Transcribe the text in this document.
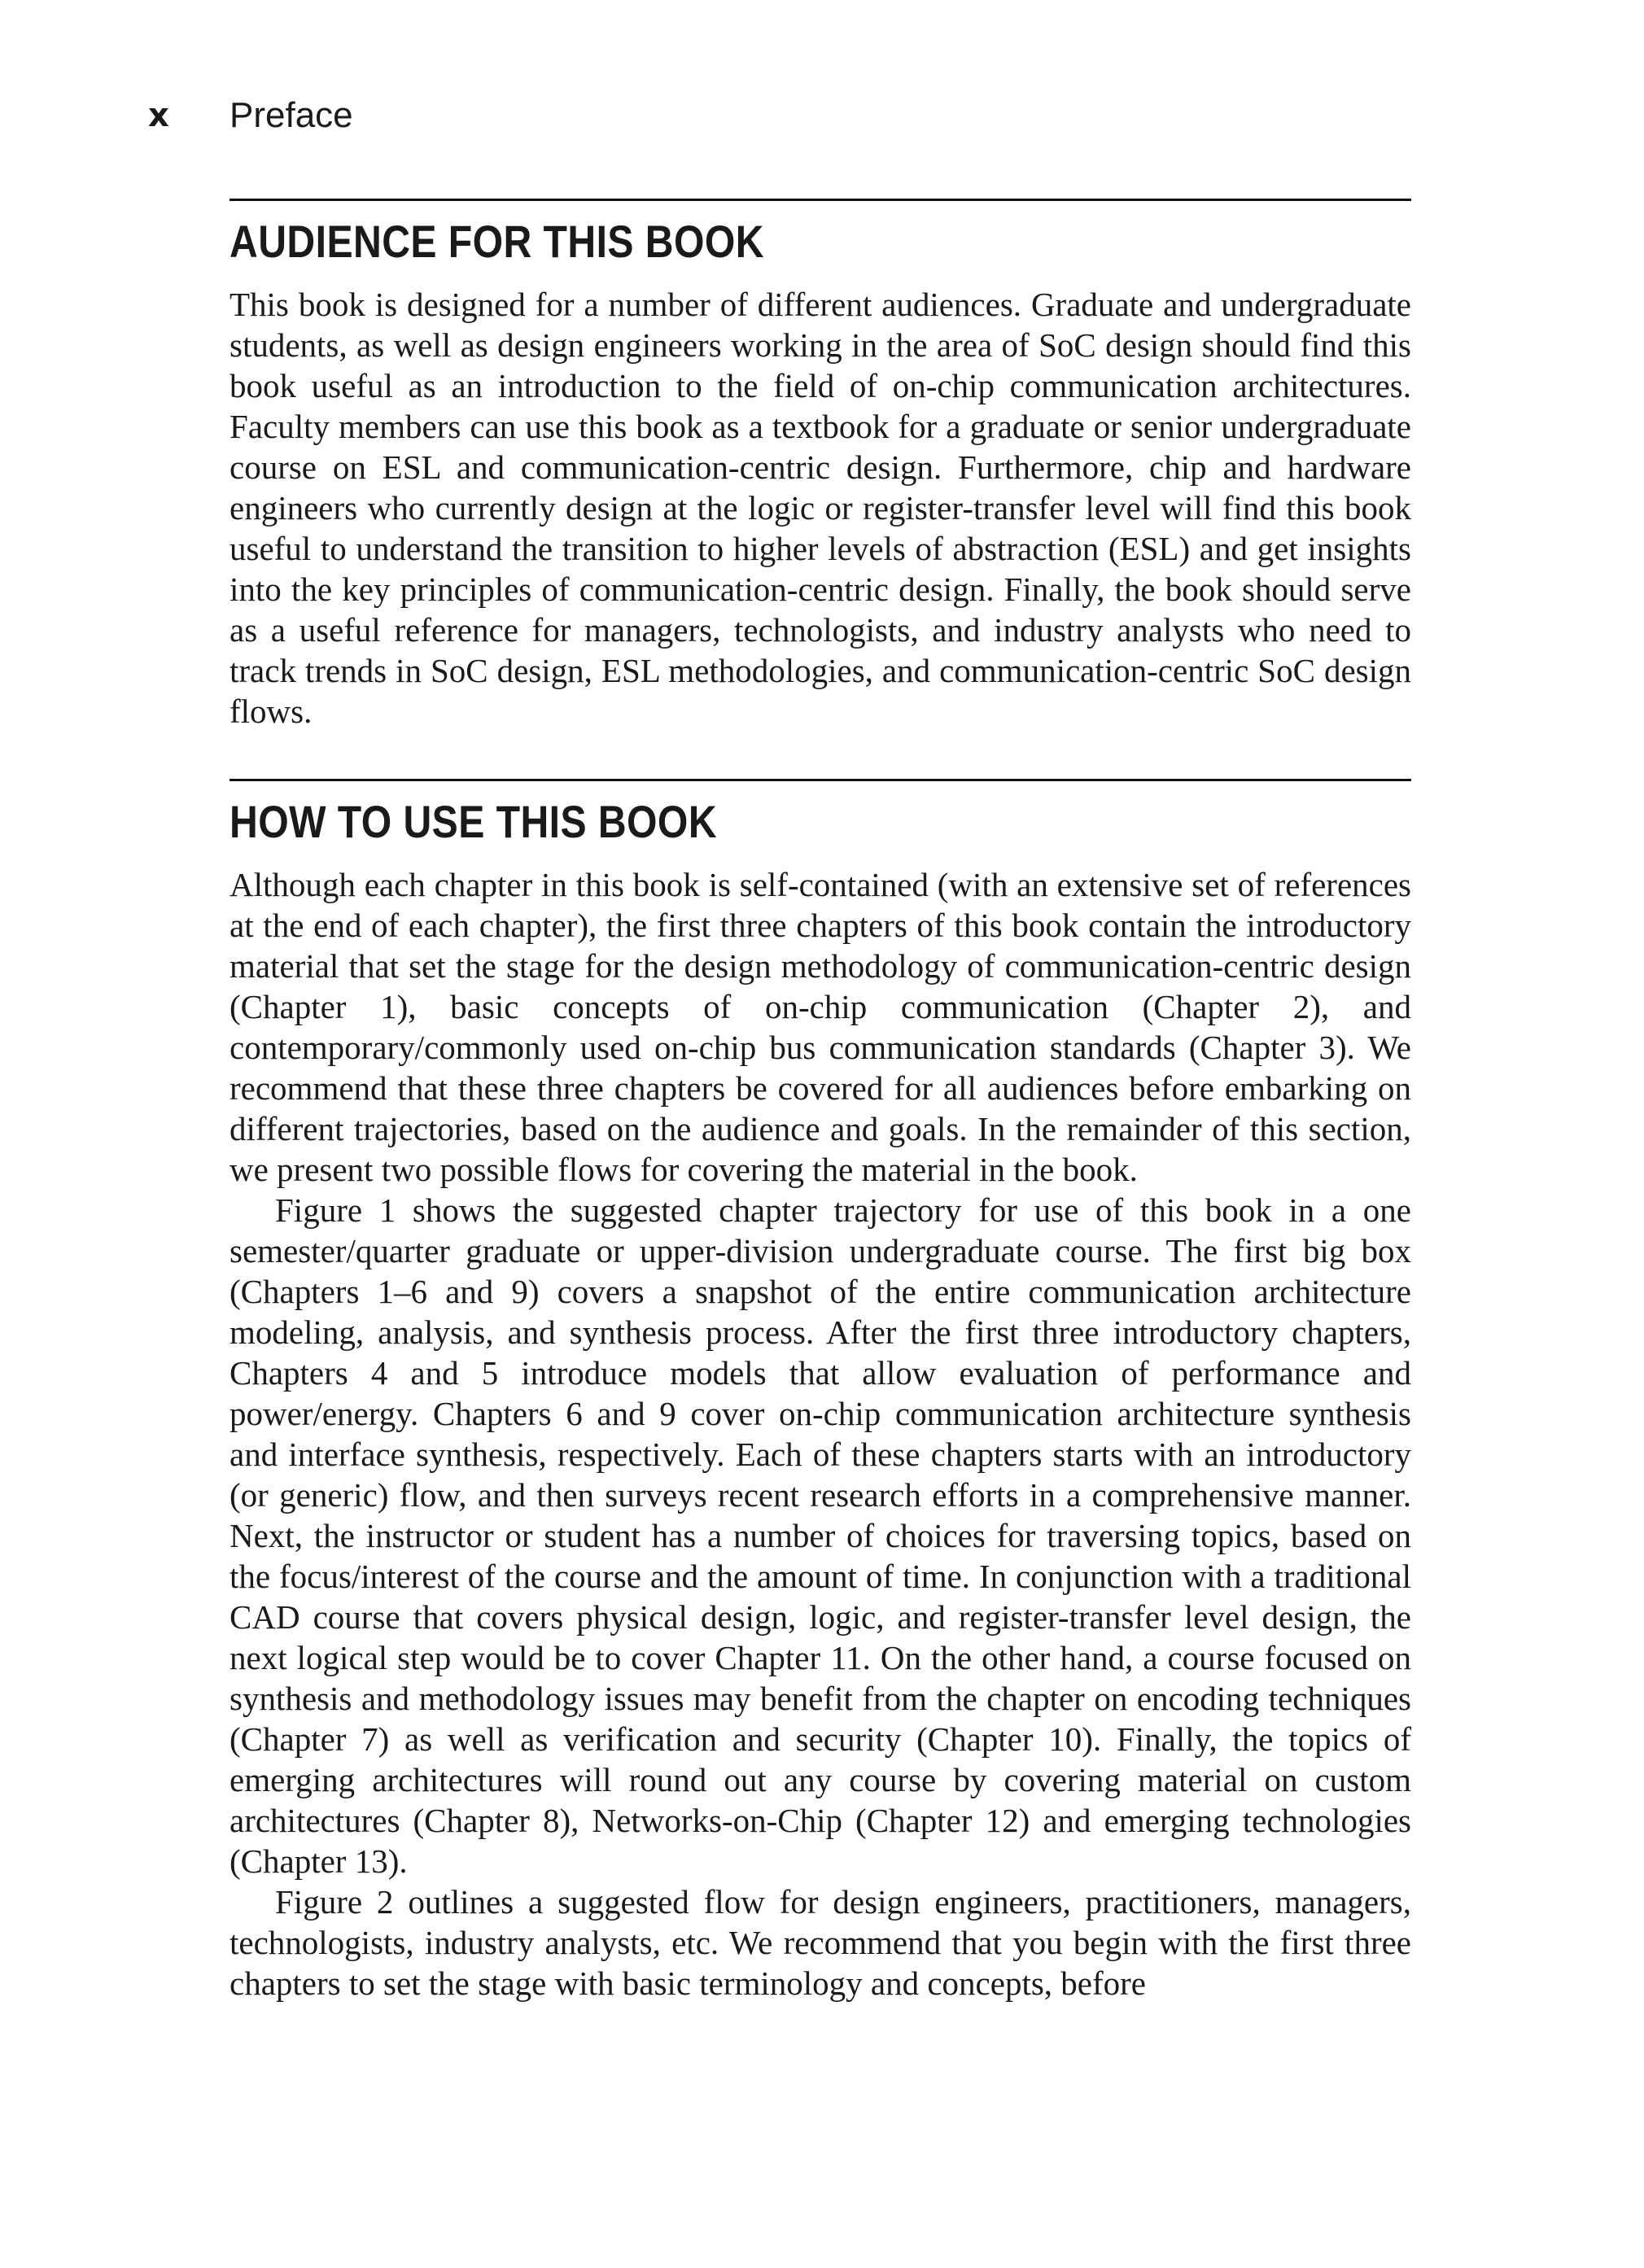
x	Preface
AUDIENCE FOR THIS BOOK

This book is designed for a number of different audiences. Graduate and undergraduate students, as well as design engineers working in the area of SoC design should find this book useful as an introduction to the field of on-chip communication architectures. Faculty members can use this book as a textbook for a graduate or senior undergraduate course on ESL and communication-centric design. Furthermore, chip and hardware engineers who currently design at the logic or register-transfer level will find this book useful to understand the transition to higher levels of abstraction (ESL) and get insights into the key principles of communication-centric design. Finally, the book should serve as a useful reference for managers, technologists, and industry analysts who need to track trends in SoC design, ESL methodologies, and communication-centric SoC design flows.

HOW TO USE THIS BOOK

Although each chapter in this book is self-contained (with an extensive set of references at the end of each chapter), the first three chapters of this book contain the introductory material that set the stage for the design methodology of communication-centric design (Chapter 1), basic concepts of on-chip communication (Chapter 2), and contemporary/commonly used on-chip bus communication standards (Chapter 3). We recommend that these three chapters be covered for all audiences before embarking on different trajectories, based on the audience and goals. In the remainder of this section, we present two possible flows for covering the material in the book.

Figure 1 shows the suggested chapter trajectory for use of this book in a one semester/quarter graduate or upper-division undergraduate course. The first big box (Chapters 1–6 and 9) covers a snapshot of the entire communication architecture modeling, analysis, and synthesis process. After the first three introductory chapters, Chapters 4 and 5 introduce models that allow evaluation of performance and power/energy. Chapters 6 and 9 cover on-chip communication architecture synthesis and interface synthesis, respectively. Each of these chapters starts with an introductory (or generic) flow, and then surveys recent research efforts in a comprehensive manner. Next, the instructor or student has a number of choices for traversing topics, based on the focus/interest of the course and the amount of time. In conjunction with a traditional CAD course that covers physical design, logic, and register-transfer level design, the next logical step would be to cover Chapter 11. On the other hand, a course focused on synthesis and methodology issues may benefit from the chapter on encoding techniques (Chapter 7) as well as verification and security (Chapter 10). Finally, the topics of emerging architectures will round out any course by covering material on custom architectures (Chapter 8), Networks-on-Chip (Chapter 12) and emerging technologies (Chapter 13).

Figure 2 outlines a suggested flow for design engineers, practitioners, managers, technologists, industry analysts, etc. We recommend that you begin with the first three chapters to set the stage with basic terminology and concepts, before
